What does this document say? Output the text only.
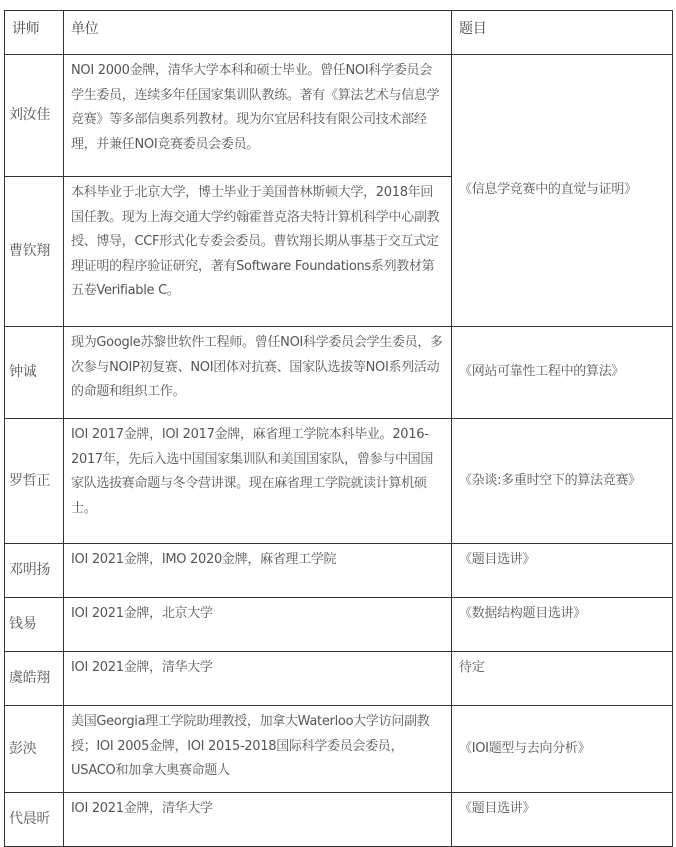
讲师	单位	题目
刘汝佳	NOI 2000金牌，清华大学本科和硕士毕业。曾任NOI科学委员会学生委员，连续多年任国家集训队教练。著有《算法艺术与信息学竞赛》等多部信奥系列教材。现为尔宜居科技有限公司技术部经理，并兼任NOI竞赛委员会委员。	《信息学竞赛中的直觉与证明》
曹钦翔	本科毕业于北京大学，博士毕业于美国普林斯顿大学，2018年回国任教。现为上海交通大学约翰霍普克洛夫特计算机科学中心副教授、博导，CCF形式化专委会委员。曹钦翔长期从事基于交互式定理证明的程序验证研究，著有Software Foundations系列教材第五卷Verifiable C。	
钟诚	现为Google苏黎世软件工程师。曾任NOI科学委员会学生委员，多次参与NOIP初复赛、NOI团体对抗赛、国家队选拔等NOI系列活动的命题和组织工作。	《网站可靠性工程中的算法》
罗哲正	IOI 2017金牌，IOI 2017金牌，麻省理工学院本科毕业。2016-2017年，先后入选中国国家集训队和美国国家队，曾参与中国国家队选拔赛命题与冬令营讲课。现在麻省理工学院就读计算机硕士。	《杂谈:多重时空下的算法竞赛》
邓明扬	IOI 2021金牌，IMO 2020金牌，麻省理工学院	《题目选讲》
钱易	IOI 2021金牌，北京大学	《数据结构题目选讲》
虞皓翔	IOI 2021金牌，清华大学	待定
彭泱	美国Georgia理工学院助理教授，加拿大Waterloo大学访问副教授；IOI 2005金牌，IOI 2015-2018国际科学委员会委员，USACO和加拿大奥赛命题人	《IOI题型与去向分析》
代晨昕	IOI 2021金牌，清华大学	《题目选讲》
